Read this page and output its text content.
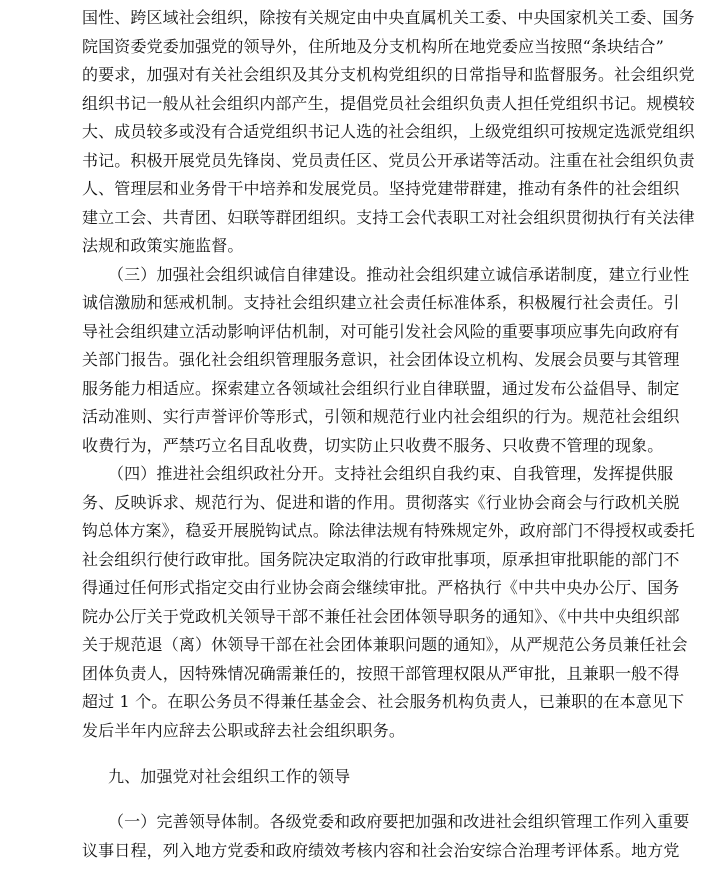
国性、跨区域社会组织，除按有关规定由中央直属机关工委、中央国家机关工委、国务
院国资委党委加强党的领导外，住所地及分支机构所在地党委应当按照“条块结合”
的要求，加强对有关社会组织及其分支机构党组织的日常指导和监督服务。社会组织党
组织书记一般从社会组织内部产生，提倡党员社会组织负责人担任党组织书记。规模较
大、成员较多或没有合适党组织书记人选的社会组织，上级党组织可按规定选派党组织
书记。积极开展党员先锋岗、党员责任区、党员公开承诺等活动。注重在社会组织负责
人、管理层和业务骨干中培养和发展党员。坚持党建带群建，推动有条件的社会组织
建立工会、共青团、妇联等群团组织。支持工会代表职工对社会组织贯彻执行有关法律
法规和政策实施监督。
（三）加强社会组织诚信自律建设。推动社会组织建立诚信承诺制度，建立行业性
诚信激励和惩戒机制。支持社会组织建立社会责任标准体系，积极履行社会责任。引
导社会组织建立活动影响评估机制，对可能引发社会风险的重要事项应事先向政府有
关部门报告。强化社会组织管理服务意识，社会团体设立机构、发展会员要与其管理
服务能力相适应。探索建立各领域社会组织行业自律联盟，通过发布公益倡导、制定
活动准则、实行声誉评价等形式，引领和规范行业内社会组织的行为。规范社会组织
收费行为，严禁巧立名目乱收费，切实防止只收费不服务、只收费不管理的现象。
（四）推进社会组织政社分开。支持社会组织自我约束、自我管理，发挥提供服
务、反映诉求、规范行为、促进和谐的作用。贯彻落实《行业协会商会与行政机关脱
钩总体方案》，稳妥开展脱钩试点。除法律法规有特殊规定外，政府部门不得授权或委托
社会组织行使行政审批。国务院决定取消的行政审批事项，原承担审批职能的部门不
得通过任何形式指定交由行业协会商会继续审批。严格执行《中共中央办公厅、国务
院办公厅关于党政机关领导干部不兼任社会团体领导职务的通知》、《中共中央组织部
关于规范退（离）休领导干部在社会团体兼职问题的通知》，从严规范公务员兼任社会
团体负责人，因特殊情况确需兼任的，按照干部管理权限从严审批，且兼职一般不得
超过 1 个。在职公务员不得兼任基金会、社会服务机构负责人，已兼职的在本意见下
发后半年内应辞去公职或辞去社会组织职务。
九、加强党对社会组织工作的领导
（一）完善领导体制。各级党委和政府要把加强和改进社会组织管理工作列入重要
议事日程，列入地方党委和政府绩效考核内容和社会治安综合治理考评体系。地方党
